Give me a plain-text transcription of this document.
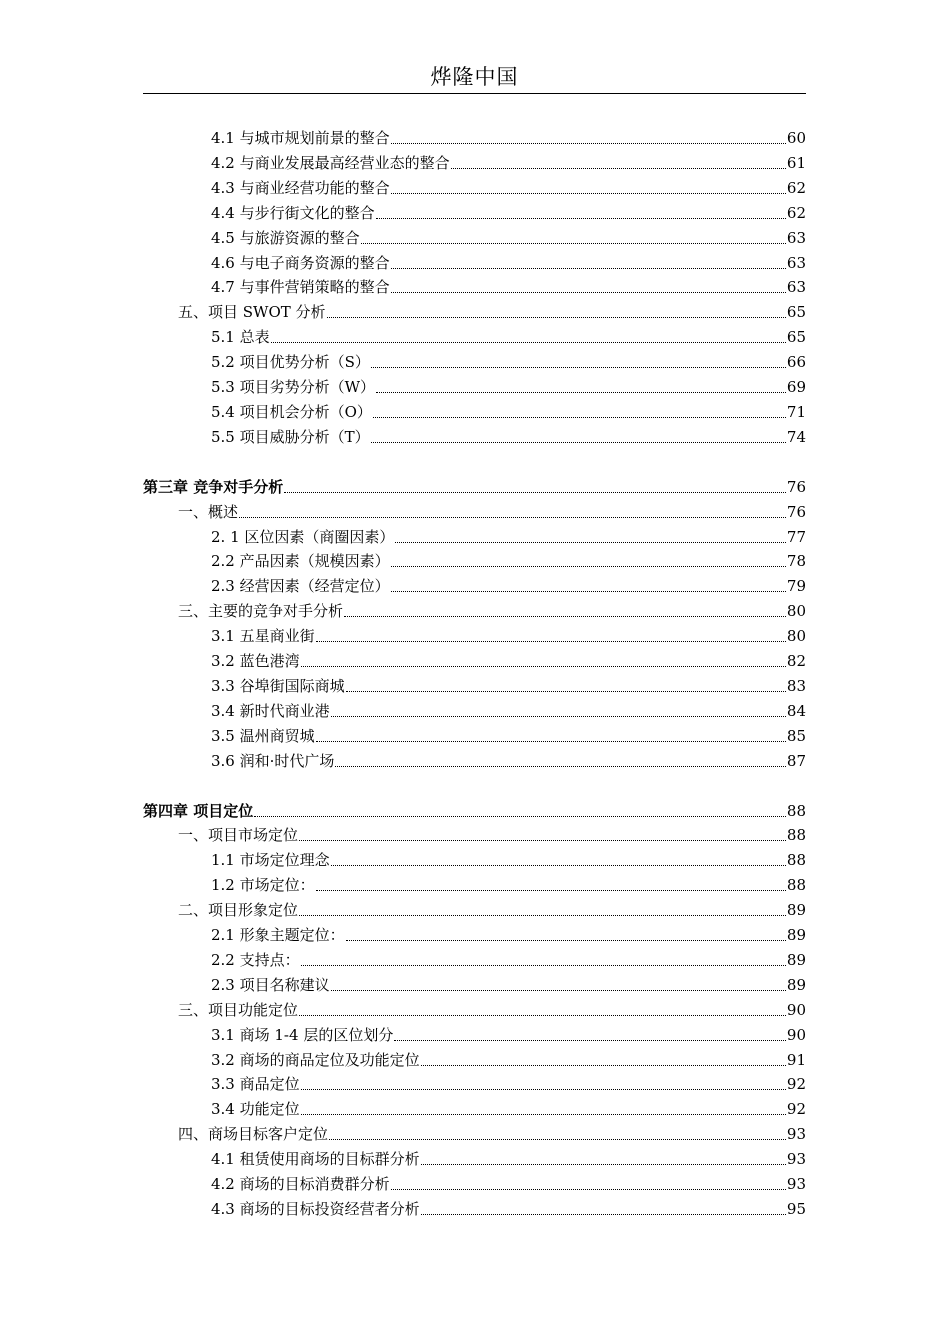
烨隆中国
4.1 与城市规划前景的整合	60
4.2 与商业发展最高经营业态的整合	61
4.3 与商业经营功能的整合	62
4.4 与步行街文化的整合	62
4.5 与旅游资源的整合	63
4.6 与电子商务资源的整合	63
4.7 与事件营销策略的整合	63
五、项目 SWOT 分析	65
5.1 总表	65
5.2 项目优势分析（S）	66
5.3 项目劣势分析（W）	69
5.4 项目机会分析（O）	71
5.5 项目威胁分析（T）	74
第三章 竞争对手分析	76
一、概述	76
2. 1 区位因素（商圈因素）	77
2.2 产品因素（规模因素）	78
2.3 经营因素（经营定位）	79
三、主要的竞争对手分析	80
3.1 五星商业街	80
3.2 蓝色港湾	82
3.3 谷埠街国际商城	83
3.4 新时代商业港	84
3.5 温州商贸城	85
3.6 润和·时代广场	87
第四章 项目定位	88
一、项目市场定位	88
1.1 市场定位理念	88
1.2 市场定位：	88
二、项目形象定位	89
2.1 形象主题定位：	89
2.2 支持点：	89
2.3 项目名称建议	89
三、项目功能定位	90
3.1 商场 1-4 层的区位划分	90
3.2 商场的商品定位及功能定位	91
3.3 商品定位	92
3.4 功能定位	92
四、商场目标客户定位	93
4.1 租赁使用商场的目标群分析	93
4.2 商场的目标消费群分析	93
4.3 商场的目标投资经营者分析	95
